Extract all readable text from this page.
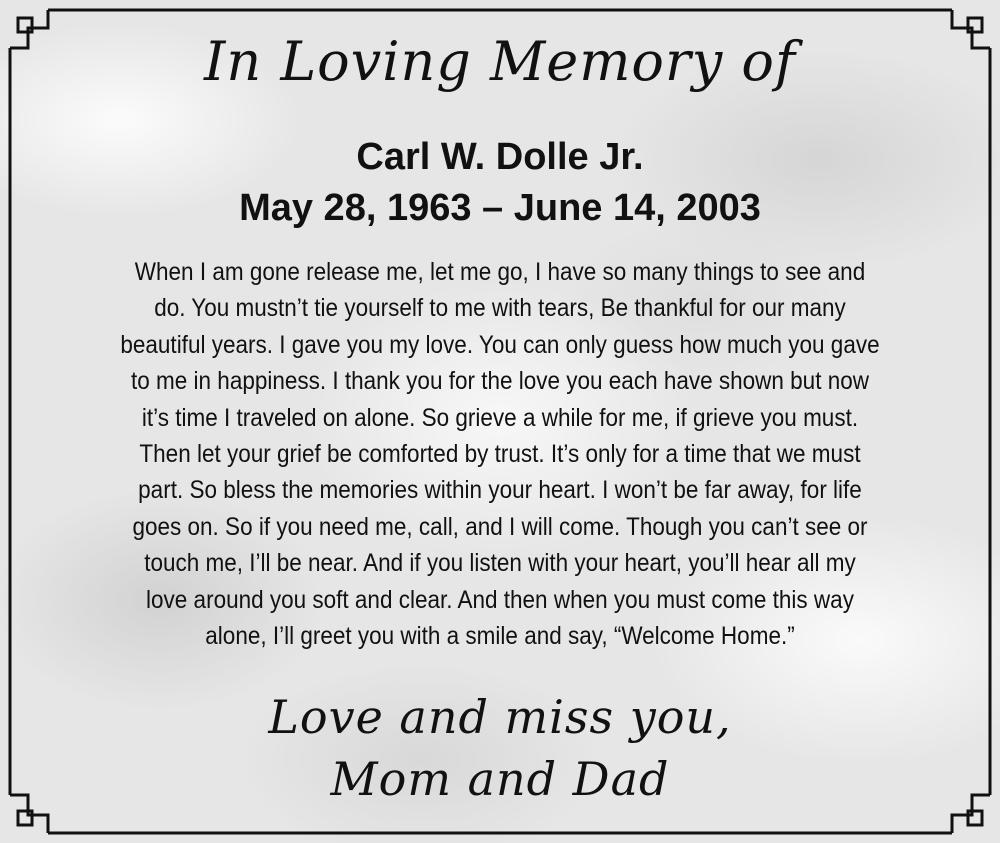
In Loving Memory of
Carl W. Dolle Jr.
May 28, 1963 – June 14, 2003
When I am gone release me, let me go, I have so many things to see and
do. You mustn’t tie yourself to me with tears, Be thankful for our many
beautiful years. I gave you my love. You can only guess how much you gave
to me in happiness. I thank you for the love you each have shown but now
it’s time I traveled on alone. So grieve a while for me, if grieve you must.
Then let your grief be comforted by trust. It’s only for a time that we must
part. So bless the memories within your heart. I won’t be far away, for life
goes on. So if you need me, call, and I will come. Though you can’t see or
touch me, I’ll be near. And if you listen with your heart, you’ll hear all my
love around you soft and clear. And then when you must come this way
alone, I’ll greet you with a smile and say, “Welcome Home.”
Love and miss you,
Mom and Dad
